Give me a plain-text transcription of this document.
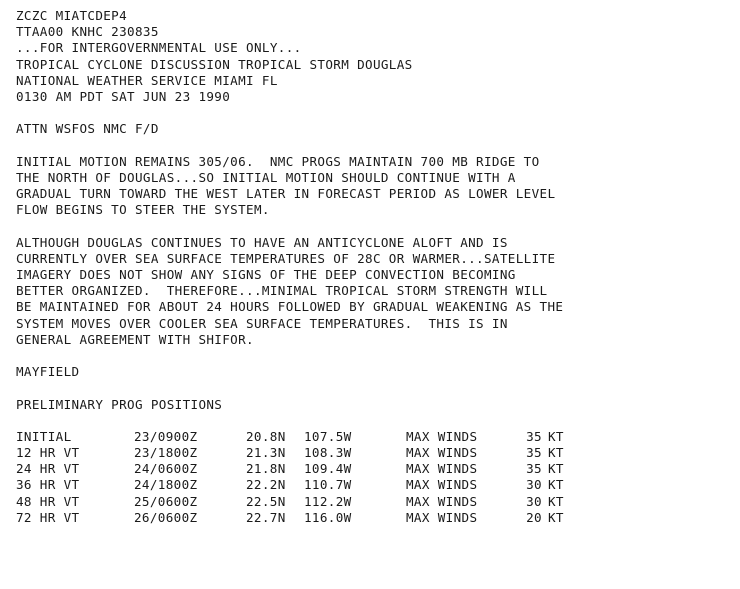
ZCZC MIATCDEP4
TTAA00 KNHC 230835
...FOR INTERGOVERNMENTAL USE ONLY...
TROPICAL CYCLONE DISCUSSION TROPICAL STORM DOUGLAS
NATIONAL WEATHER SERVICE MIAMI FL
0130 AM PDT SAT JUN 23 1990
ATTN WSFOS NMC F/D
INITIAL MOTION REMAINS 305/06.  NMC PROGS MAINTAIN 700 MB RIDGE TO
THE NORTH OF DOUGLAS...SO INITIAL MOTION SHOULD CONTINUE WITH A
GRADUAL TURN TOWARD THE WEST LATER IN FORECAST PERIOD AS LOWER LEVEL
FLOW BEGINS TO STEER THE SYSTEM.
ALTHOUGH DOUGLAS CONTINUES TO HAVE AN ANTICYCLONE ALOFT AND IS
CURRENTLY OVER SEA SURFACE TEMPERATURES OF 28C OR WARMER...SATELLITE
IMAGERY DOES NOT SHOW ANY SIGNS OF THE DEEP CONVECTION BECOMING
BETTER ORGANIZED.  THEREFORE...MINIMAL TROPICAL STORM STRENGTH WILL
BE MAINTAINED FOR ABOUT 24 HOURS FOLLOWED BY GRADUAL WEAKENING AS THE
SYSTEM MOVES OVER COOLER SEA SURFACE TEMPERATURES.  THIS IS IN
GENERAL AGREEMENT WITH SHIFOR.
MAYFIELD
PRELIMINARY PROG POSITIONS
INITIAL	23/0900Z	20.8N	107.5W	MAX WINDS	35 KT
12 HR VT	23/1800Z	21.3N	108.3W	MAX WINDS	35 KT
24 HR VT	24/0600Z	21.8N	109.4W	MAX WINDS	35 KT
36 HR VT	24/1800Z	22.2N	110.7W	MAX WINDS	30 KT
48 HR VT	25/0600Z	22.5N	112.2W	MAX WINDS	30 KT
72 HR VT	26/0600Z	22.7N	116.0W	MAX WINDS	20 KT
